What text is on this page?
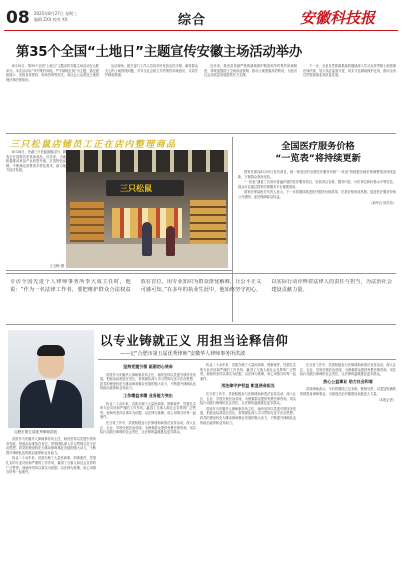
08 2025年8月27日 星期三
编辑 ZXX 校对 XX	综合	安徽科技报
第35个全国“土地日”主题宣传安徽主场活动举办

8月25日，第35个全国“土地日”主题宣传安徽主场活动在合肥举办。本次活动以“节约集约用地，严守耕地红线”为主题，通过展板展示、发放宣传资料、现场咨询等形式，向社会公众普及土地管理法律法规知识。

活动现场，相关部门工作人员向市民发放宣传手册，解答群众关心的土地管理问题，引导全社会树立节约集约用地意识，共同守护耕地资源。

近年来，我省坚持最严格的耕地保护制度和节约集约用地制度，持续加强国土空间用途管制，推动土地资源高效利用，为经济社会高质量发展提供有力支撑。

下一步，全省自然资源系统将继续深入学习宣传贯彻土地管理法律法规，加大执法监管力度，切实守住耕地保护红线，推动全省自然资源事业高质量发展。

三只松鼠店铺员工正在店内整理商品
8月26日，芜湖三只松鼠旗舰店内，顾客正在选购各类休闲食品。近年来，当地积极推动食品产业转型升级，打造特色品牌，不断满足消费者多样化需求，助力地方经济发展。
王玉梅 摄
三只松鼠
全国医疗服务价格
“一览表”将持续更新

国家医保局8月25日发布消息，统一规范后的全国医疗服务价格“一览表”将根据各地价格调整情况持续更新，方便群众查询比较。

“一览表”涵盖了各省份普遍开展的医疗服务项目，包括项目名称、服务内容、计价单位和价格水平等信息，群众可以通过国家医保服务平台便捷查询。

国家医保局相关负责人表示，下一步将继续推进医疗服务价格改革，完善价格形成机制，促进医疗服务价格公开透明，更好保障群众权益。

（新华社 杨乐乐）

专访全国先进个人律师事务所李大成主任时，他说：“作为一名法律工作者，要把维护群众合法权益放在首位，用专业知识为群众排忧解难，让公平正义可感可知。”在多年的执业生涯中，他始终坚守初心，以实际行动诠释着法律人的责任与担当，为法治社会建设贡献力量。
以专业铸就正义 用担当诠释信仰
——记“合肥市第五届优秀律师”安徽华人律师事务所洪波
合肥市第五届优秀律师洪波

洪波作为安徽华人律师事务所主任，始终坚持以党建引领所务发展，把政治标准放在首位，带领团队深入学习贯彻习近平法治思想，将党的理论转化为推动律师事业发展的强大动力，不断提升律师队伍的政治素养和业务能力。

执业二十余年来，洪波办理了大量民商事、刑事案件，凭借扎实的专业功底和严谨的工作作风，赢得了当事人和社会各界的广泛赞誉。他始终坚持以事实为依据、以法律为准绳，用心用情办好每一起案件。

坚持党建引领 砥砺初心使命

洪波作为安徽华人律师事务所主任，始终坚持以党建引领所务发展，把政治标准放在首位，带领团队深入学习贯彻习近平法治思想，将党的理论转化为推动律师事业发展的强大动力，不断提升律师队伍的政治素养和业务能力。

工作精益求精 业务能力突出

执业二十余年来，洪波办理了大量民商事、刑事案件，凭借扎实的专业功底和严谨的工作作风，赢得了当事人和社会各界的广泛赞誉。他始终坚持以事实为依据、以法律为准绳，用心用情办好每一起案件。

在日常工作中，洪波积极参与法律援助和普法宣传活动，深入社区、企业、学校开展法治讲座，为困难群众提供免费法律咨询，用实际行动践行律师的社会责任，让法律的温暖惠及更多群众。

执业二十余年来，洪波办理了大量民商事、刑事案件，凭借扎实的专业功底和严谨的工作作风，赢得了当事人和社会各界的广泛赞誉。他始终坚持以事实为依据、以法律为准绳，用心用情办好每一起案件。

用法律守护权益 彰显使命担当

在日常工作中，洪波积极参与法律援助和普法宣传活动，深入社区、企业、学校开展法治讲座，为困难群众提供免费法律咨询，用实际行动践行律师的社会责任，让法律的温暖惠及更多群众。

洪波作为安徽华人律师事务所主任，始终坚持以党建引领所务发展，把政治标准放在首位，带领团队深入学习贯彻习近平法治思想，将党的理论转化为推动律师事业发展的强大动力，不断提升律师队伍的政治素养和业务能力。

在日常工作中，洪波积极参与法律援助和普法宣传活动，深入社区、企业、学校开展法治讲座，为困难群众提供免费法律咨询，用实际行动践行律师的社会责任，让法律的温暖惠及更多群众。

热心公益事业 助力社会和谐

洪波律师表示，今后将继续立足本职，勤勉尽责，以更加饱满的热情投身律师事业，为推进法治安徽建设贡献更大力量。

（本报记者）
